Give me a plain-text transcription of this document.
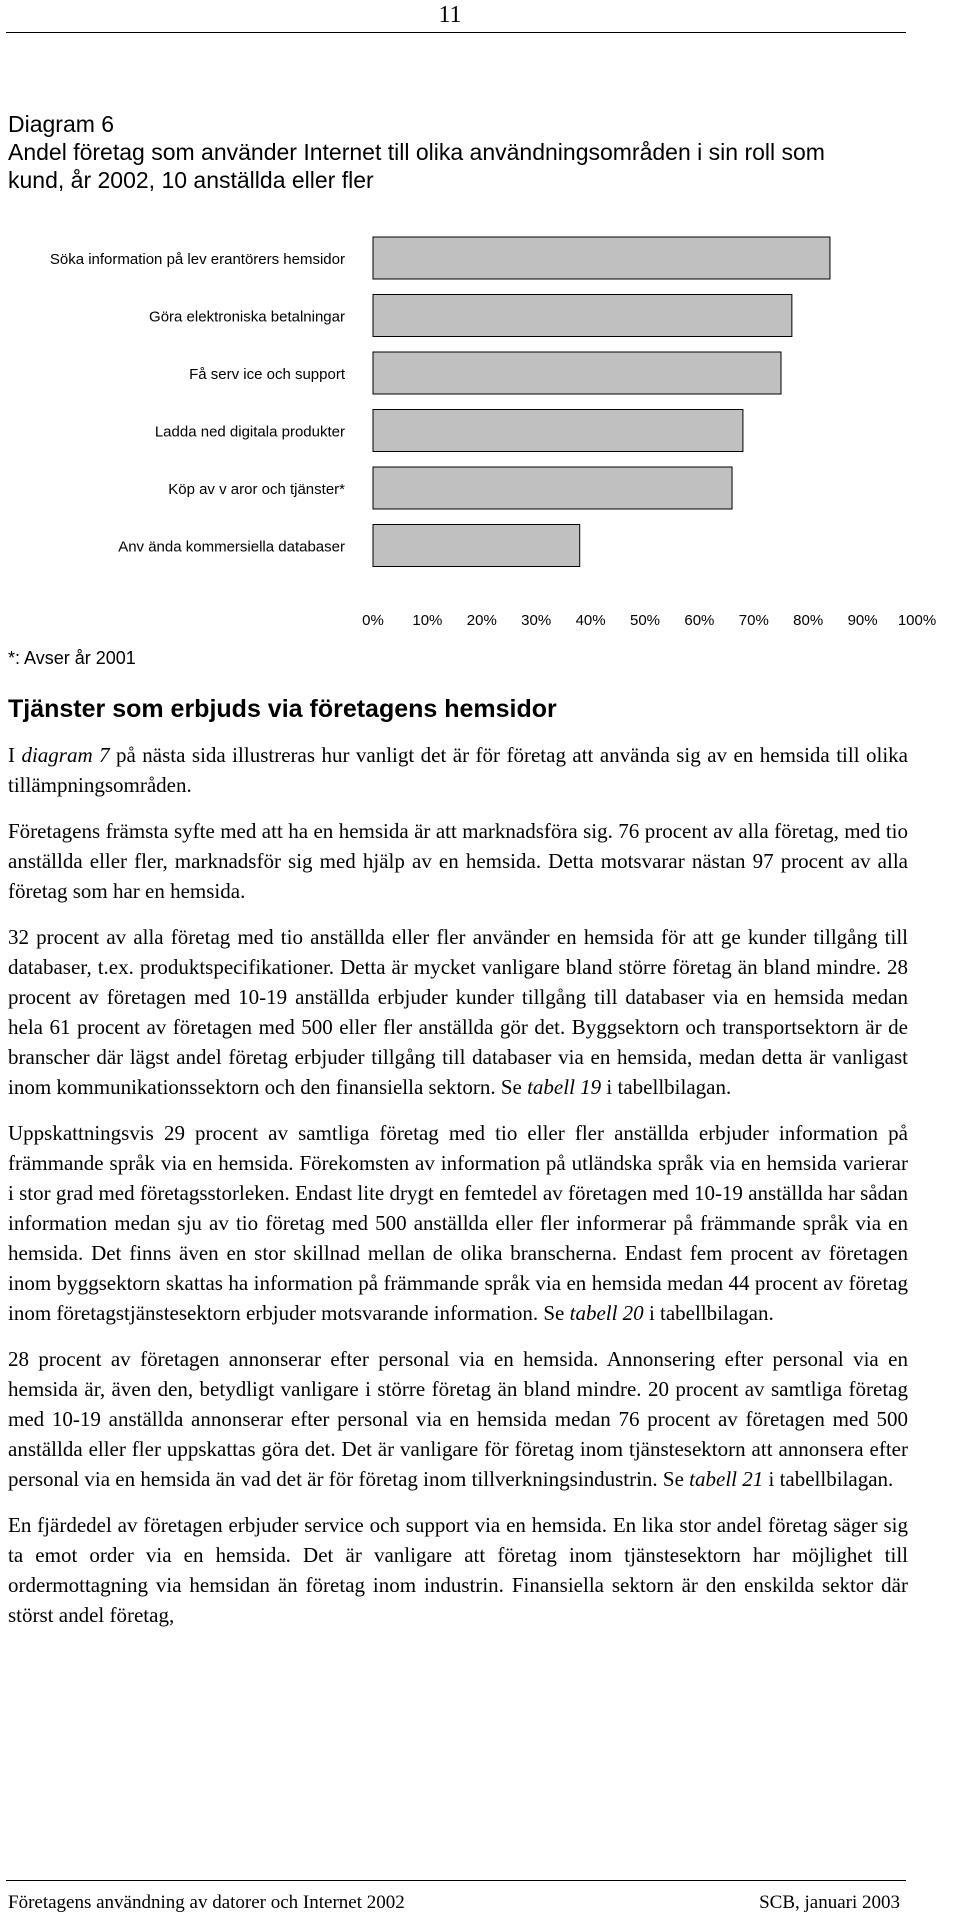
11
Diagram 6
Andel företag som använder Internet till olika användningsområden i sin roll som
kund, år 2002, 10 anställda eller fler
Söka information på lev erantörers hemsidor
Göra elektroniska betalningar
Få serv ice och support
Ladda ned digitala produkter
Köp av v aror och tjänster*
Anv ända kommersiella databaser
0% 10% 20% 30% 40% 50% 60% 70% 80% 90% 100%
*: Avser år 2001
Tjänster som erbjuds via företagens hemsidor

I diagram 7 på nästa sida illustreras hur vanligt det är för företag att använda sig av en hemsida till olika tillämpningsområden.

Företagens främsta syfte med att ha en hemsida är att marknadsföra sig. 76 procent av alla företag, med tio anställda eller fler, marknadsför sig med hjälp av en hemsida. Detta motsvarar nästan 97 procent av alla företag som har en hemsida.

32 procent av alla företag med tio anställda eller fler använder en hemsida för att ge kunder tillgång till databaser, t.ex. produktspecifikationer. Detta är mycket vanligare bland större företag än bland mindre. 28 procent av företagen med 10-19 anställda erbjuder kunder tillgång till databaser via en hemsida medan hela 61 procent av företagen med 500 eller fler anställda gör det. Byggsektorn och transportsektorn är de branscher där lägst andel företag erbjuder tillgång till databaser via en hemsida, medan detta är vanligast inom kommunikationssektorn och den finansiella sektorn. Se tabell 19 i tabellbilagan.

Uppskattningsvis 29 procent av samtliga företag med tio eller fler anställda erbjuder information på främmande språk via en hemsida. Förekomsten av information på utländska språk via en hemsida varierar i stor grad med företagsstorleken. Endast lite drygt en femtedel av företagen med 10-19 anställda har sådan information medan sju av tio företag med 500 anställda eller fler informerar på främmande språk via en hemsida. Det finns även en stor skillnad mellan de olika branscherna. Endast fem procent av företagen inom byggsektorn skattas ha information på främmande språk via en hemsida medan 44 procent av företag inom företagstjänstesektorn erbjuder motsvarande information. Se tabell 20 i tabellbilagan.

28 procent av företagen annonserar efter personal via en hemsida. Annonsering efter personal via en hemsida är, även den, betydligt vanligare i större företag än bland mindre. 20 procent av samtliga företag med 10-19 anställda annonserar efter personal via en hemsida medan 76 procent av företagen med 500 anställda eller fler uppskattas göra det. Det är vanligare för företag inom tjänstesektorn att annonsera efter personal via en hemsida än vad det är för företag inom tillverkningsindustrin. Se tabell 21 i tabellbilagan.

En fjärdedel av företagen erbjuder service och support via en hemsida. En lika stor andel företag säger sig ta emot order via en hemsida. Det är vanligare att företag inom tjänstesektorn har möjlighet till ordermottagning via hemsidan än företag inom industrin. Finansiella sektorn är den enskilda sektor där störst andel företag,

Företagens användning av datorer och Internet 2002	SCB, januari 2003
